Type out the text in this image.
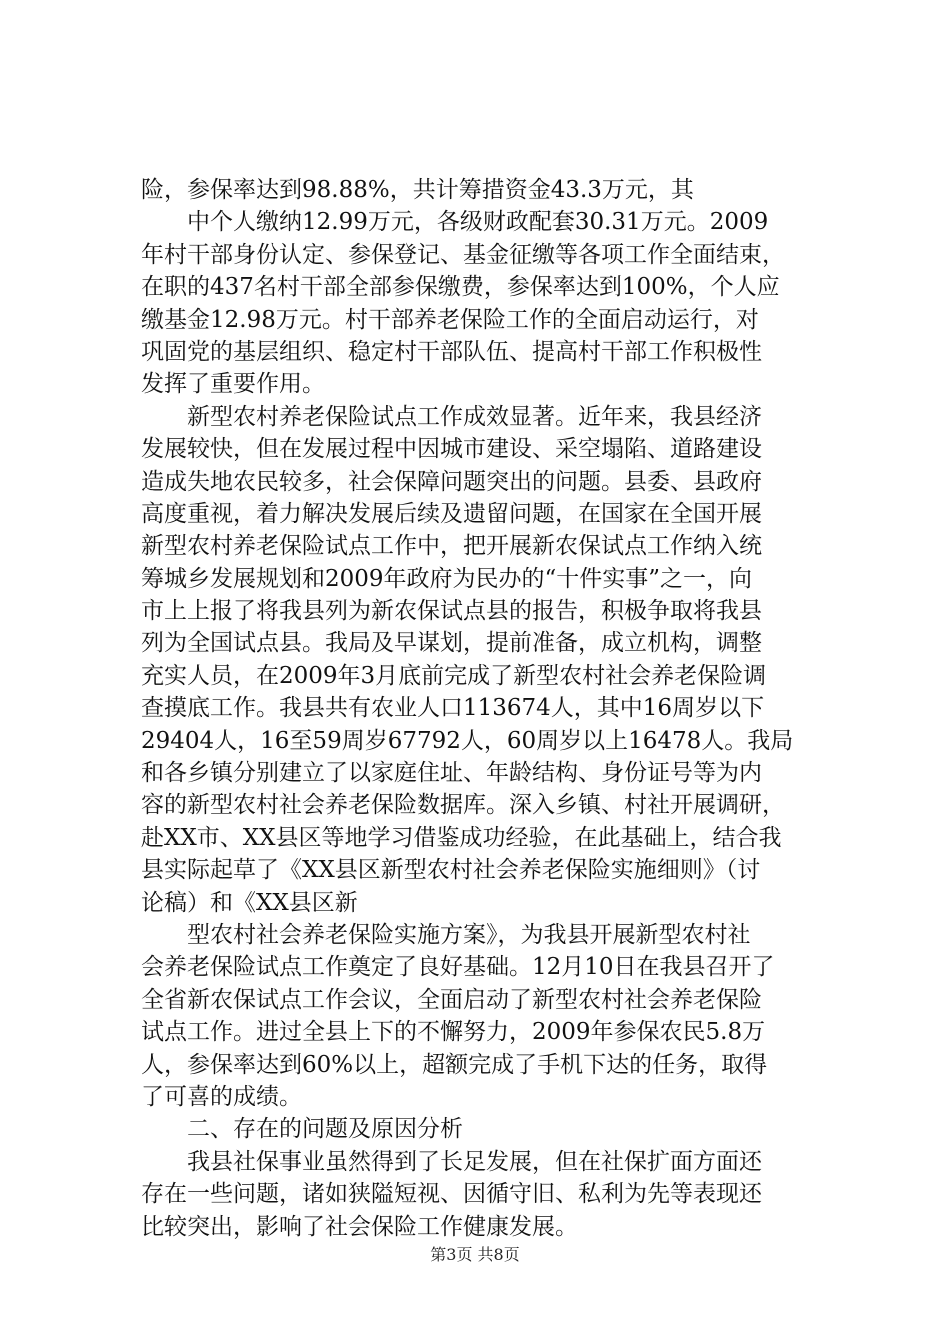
险，参保率达到98.88%，共计筹措资金43.3万元，其
中个人缴纳12.99万元，各级财政配套30.31万元。2009
年村干部身份认定、参保登记、基金征缴等各项工作全面结束，
在职的437名村干部全部参保缴费，参保率达到100%，个人应
缴基金12.98万元。村干部养老保险工作的全面启动运行，对
巩固党的基层组织、稳定村干部队伍、提高村干部工作积极性
发挥了重要作用。
新型农村养老保险试点工作成效显著。近年来，我县经济
发展较快，但在发展过程中因城市建设、采空塌陷、道路建设
造成失地农民较多，社会保障问题突出的问题。县委、县政府
高度重视，着力解决发展后续及遗留问题，在国家在全国开展
新型农村养老保险试点工作中，把开展新农保试点工作纳入统
筹城乡发展规划和2009年政府为民办的“十件实事”之一，向
市上上报了将我县列为新农保试点县的报告，积极争取将我县
列为全国试点县。我局及早谋划，提前准备，成立机构，调整
充实人员，在2009年3月底前完成了新型农村社会养老保险调
查摸底工作。我县共有农业人口113674人，其中16周岁以下
29404人，16至59周岁67792人，60周岁以上16478人。我局
和各乡镇分别建立了以家庭住址、年龄结构、身份证号等为内
容的新型农村社会养老保险数据库。深入乡镇、村社开展调研，
赴XX市、XX县区等地学习借鉴成功经验，在此基础上，结合我
县实际起草了《XX县区新型农村社会养老保险实施细则》（讨
论稿）和《XX县区新
型农村社会养老保险实施方案》，为我县开展新型农村社
会养老保险试点工作奠定了良好基础。12月10日在我县召开了
全省新农保试点工作会议，全面启动了新型农村社会养老保险
试点工作。进过全县上下的不懈努力，2009年参保农民5.8万
人，参保率达到60%以上，超额完成了手机下达的任务，取得
了可喜的成绩。
二、存在的问题及原因分析
我县社保事业虽然得到了长足发展，但在社保扩面方面还
存在一些问题，诸如狭隘短视、因循守旧、私利为先等表现还
比较突出，影响了社会保险工作健康发展。
第3页 共8页
